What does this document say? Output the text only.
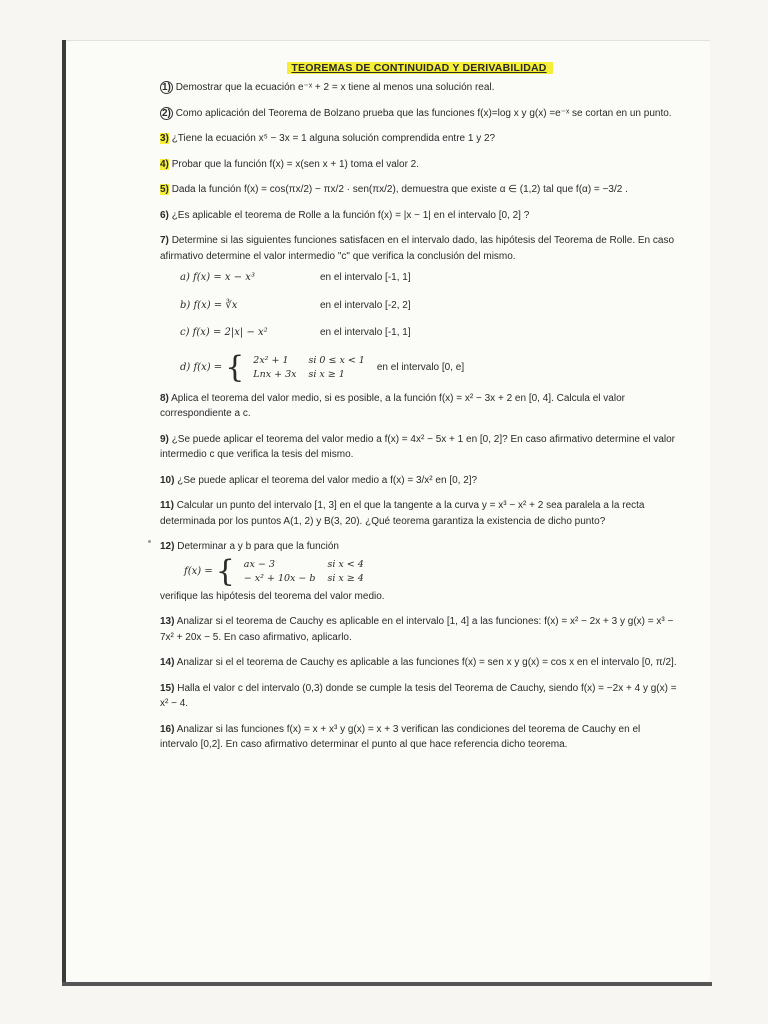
TEOREMAS DE CONTINUIDAD Y DERIVABILIDAD

1) Demostrar que la ecuación e⁻ˣ + 2 = x tiene al menos una solución real.

2) Como aplicación del Teorema de Bolzano prueba que las funciones f(x)=log x y g(x) =e⁻ˣ se cortan en un punto.

3) ¿Tiene la ecuación x⁵ − 3x = 1 alguna solución comprendida entre 1 y 2?

4) Probar que la función f(x) = x(sen x + 1) toma el valor 2.

5) Dada la función f(x) = cos(πx/2) − πx/2 · sen(πx/2), demuestra que existe α ∈ (1,2) tal que f(α) = −3/2 .

6) ¿Es aplicable el teorema de Rolle a la función f(x) = |x − 1| en el intervalo [0, 2] ?

7) Determine si las siguientes funciones satisfacen en el intervalo dado, las hipótesis del Teorema de Rolle. En caso afirmativo determine el valor intermedio "c" que verifica la conclusión del mismo.

a) f(x) = x − x³	en el intervalo [-1, 1]
b) f(x) = ∛x	en el intervalo [-2, 2]
c) f(x) = 2|x| − x²	en el intervalo [-1, 1]
d) f(x) = { 2x² + 1	si 0 ≤ x < 1
Lnx + 3x	si x ≥ 1
en el intervalo [0, e]

8) Aplica el teorema del valor medio, si es posible, a la función f(x) = x² − 3x + 2 en [0, 4]. Calcula el valor correspondiente a c.

9) ¿Se puede aplicar el teorema del valor medio a f(x) = 4x² − 5x + 1 en [0, 2]? En caso afirmativo determine el valor intermedio c que verifica la tesis del mismo.

10) ¿Se puede aplicar el teorema del valor medio a f(x) = 3/x² en [0, 2]?

11) Calcular un punto del intervalo [1, 3] en el que la tangente a la curva y = x³ − x² + 2 sea paralela a la recta determinada por los puntos A(1, 2) y B(3, 20). ¿Qué teorema garantiza la existencia de dicho punto?

12) Determinar a y b para que la función

f(x) = { ax − 3	si x < 4
− x² + 10x − b	si x ≥ 4

verifique las hipótesis del teorema del valor medio.

13) Analizar si el teorema de Cauchy es aplicable en el intervalo [1, 4] a las funciones: f(x) = x² − 2x + 3 y g(x) = x³ − 7x² + 20x − 5. En caso afirmativo, aplicarlo.

14) Analizar si el el teorema de Cauchy es aplicable a las funciones f(x) = sen x y g(x) = cos x en el intervalo [0, π/2].

15) Halla el valor c del intervalo (0,3) donde se cumple la tesis del Teorema de Cauchy, siendo f(x) = −2x + 4 y g(x) = x² − 4.

16) Analizar si las funciones f(x) = x + x³ y g(x) = x + 3 verifican las condiciones del teorema de Cauchy en el intervalo [0,2]. En caso afirmativo determinar el punto al que hace referencia dicho teorema.
